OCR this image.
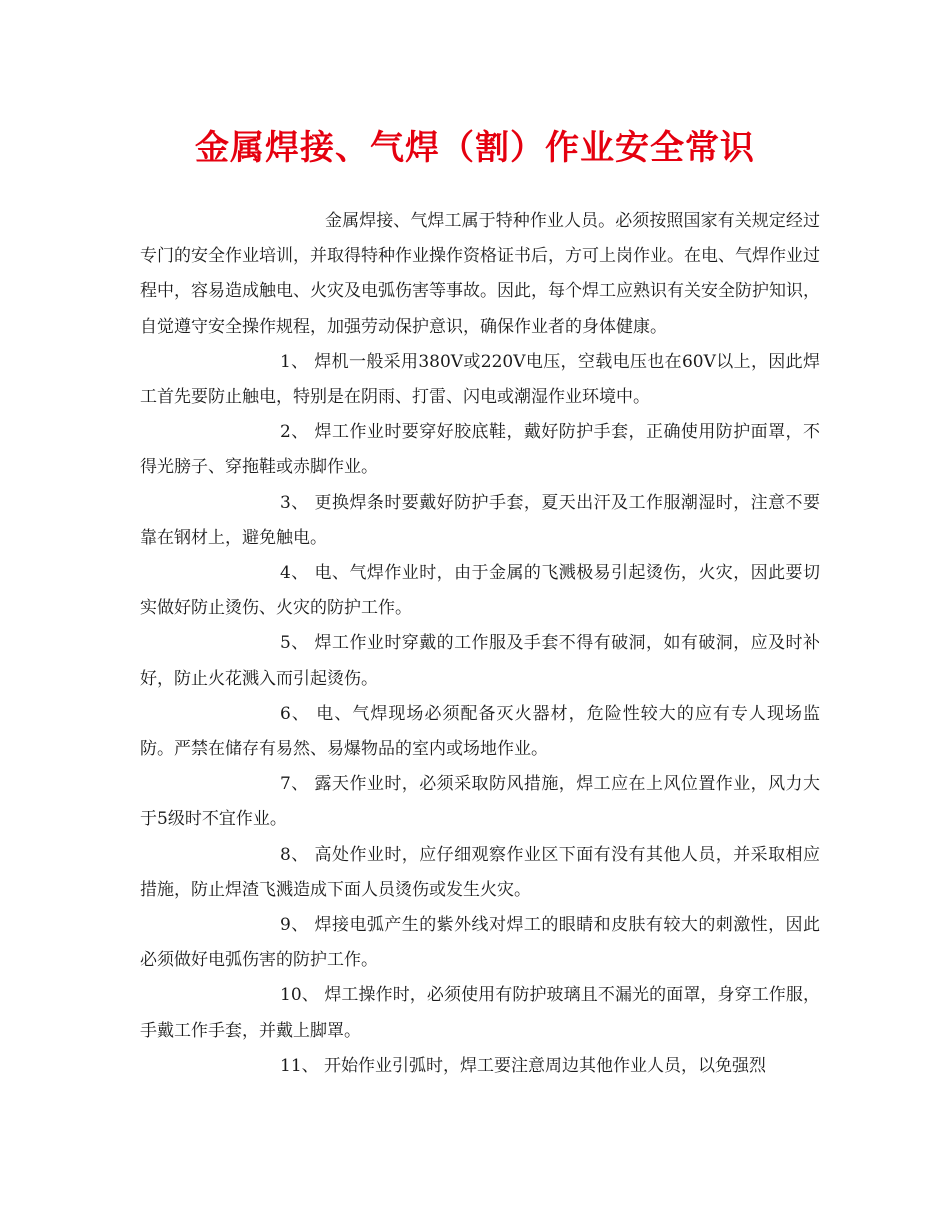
金属焊接、气焊（割）作业安全常识

金属焊接、气焊工属于特种作业人员。必须按照国家有关规定经过专门的安全作业培训，并取得特种作业操作资格证书后，方可上岗作业。在电、气焊作业过程中，容易造成触电、火灾及电弧伤害等事故。因此，每个焊工应熟识有关安全防护知识，自觉遵守安全操作规程，加强劳动保护意识，确保作业者的身体健康。

1、 焊机一般采用380V或220V电压，空载电压也在60V以上，因此焊工首先要防止触电，特别是在阴雨、打雷、闪电或潮湿作业环境中。

2、 焊工作业时要穿好胶底鞋，戴好防护手套，正确使用防护面罩，不得光膀子、穿拖鞋或赤脚作业。

3、 更换焊条时要戴好防护手套，夏天出汗及工作服潮湿时，注意不要靠在钢材上，避免触电。

4、 电、气焊作业时，由于金属的飞溅极易引起烫伤，火灾，因此要切实做好防止烫伤、火灾的防护工作。

5、 焊工作业时穿戴的工作服及手套不得有破洞，如有破洞，应及时补好，防止火花溅入而引起烫伤。

6、 电、气焊现场必须配备灭火器材，危险性较大的应有专人现场监防。严禁在储存有易然、易爆物品的室内或场地作业。

7、 露天作业时，必须采取防风措施，焊工应在上风位置作业，风力大于5级时不宜作业。

8、 高处作业时，应仔细观察作业区下面有没有其他人员，并采取相应措施，防止焊渣飞溅造成下面人员烫伤或发生火灾。

9、 焊接电弧产生的紫外线对焊工的眼睛和皮肤有较大的刺激性，因此必须做好电弧伤害的防护工作。

10、 焊工操作时，必须使用有防护玻璃且不漏光的面罩，身穿工作服，手戴工作手套，并戴上脚罩。

11、 开始作业引弧时，焊工要注意周边其他作业人员，以免强烈
